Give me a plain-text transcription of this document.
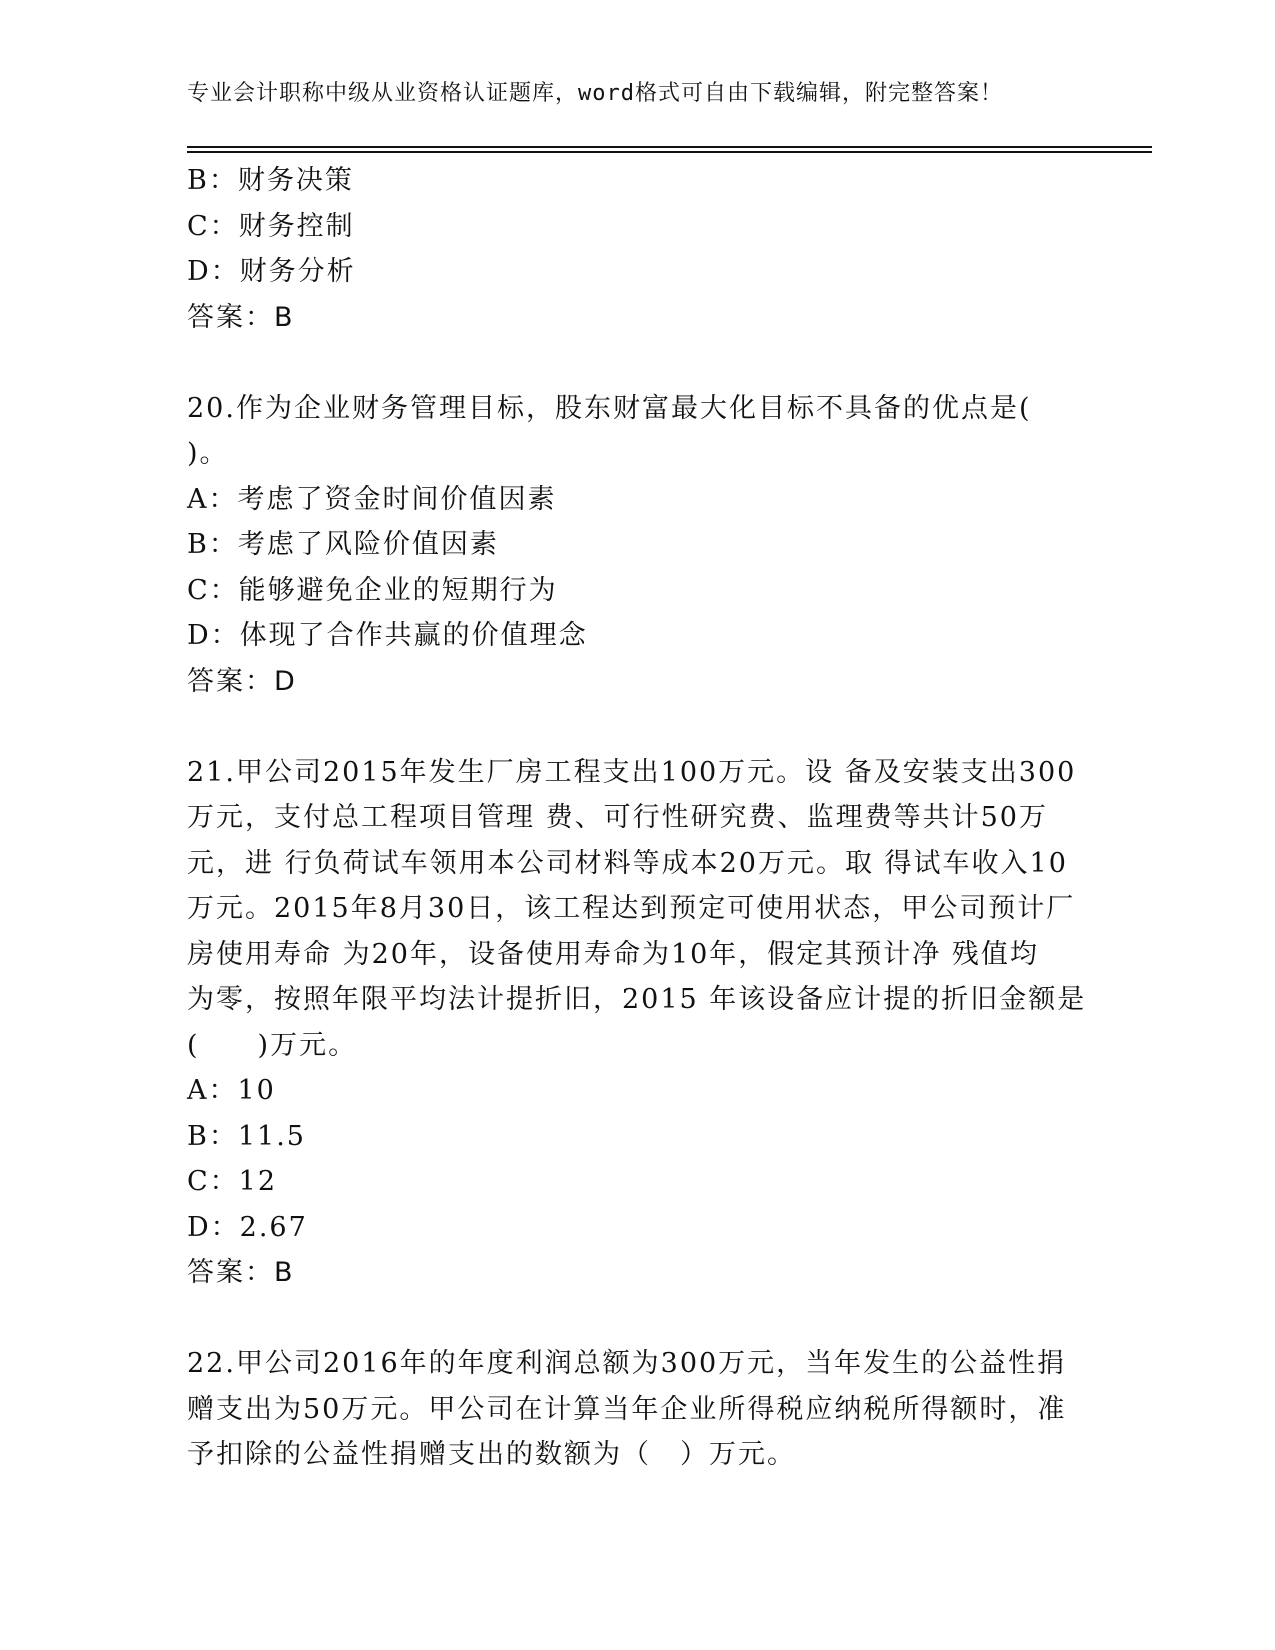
专业会计职称中级从业资格认证题库，word格式可自由下载编辑，附完整答案！
B：财务决策
C：财务控制
D：财务分析
答案：B
20.作为企业财务管理目标，股东财富最大化目标不具备的优点是(
)。
A：考虑了资金时间价值因素
B：考虑了风险价值因素
C：能够避免企业的短期行为
D：体现了合作共赢的价值理念
答案：D
21.甲公司2015年发生厂房工程支出100万元。设 备及安装支出300
万元，支付总工程项目管理 费、可行性研究费、监理费等共计50万
元，进 行负荷试车领用本公司材料等成本20万元。取 得试车收入10
万元。2015年8月30日，该工程达到预定可使用状态，甲公司预计厂
房使用寿命 为20年，设备使用寿命为10年，假定其预计净 残值均
为零，按照年限平均法计提折旧，2015 年该设备应计提的折旧金额是
(　　)万元。
A：10
B：11.5
C：12
D：2.67
答案：B
22.甲公司2016年的年度利润总额为300万元，当年发生的公益性捐
赠支出为50万元。甲公司在计算当年企业所得税应纳税所得额时，准
予扣除的公益性捐赠支出的数额为（　）万元。
